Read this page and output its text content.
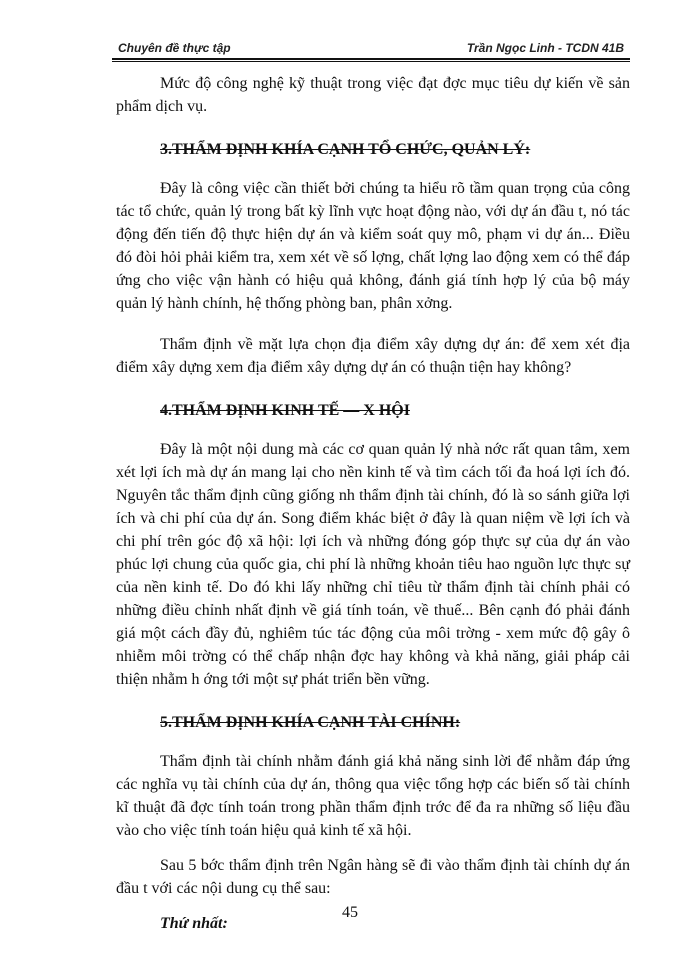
Chuyên đề thực tập	Trần Ngọc Linh - TCDN 41B

Mức độ công nghệ kỹ thuật trong việc đạt đợc mục tiêu dự kiến về sản phẩm dịch vụ.

3.THẨM ĐỊNH KHÍA CẠNH TỔ CHỨC, QUẢN LÝ:

Đây là công việc cần thiết bởi chúng ta hiểu rõ tầm quan trọng của công tác tổ chức, quản lý trong bất kỳ lĩnh vực hoạt động nào, với dự án đầu t, nó tác động đến tiến độ thực hiện dự án và kiểm soát quy mô, phạm vi dự án... Điều đó đòi hỏi phải kiểm tra, xem xét về số lợng, chất lợng lao động xem có thể đáp ứng cho việc vận hành có hiệu quả không, đánh giá tính hợp lý của bộ máy quản lý hành chính, hệ thống phòng ban, phân xởng.

Thẩm định về mặt lựa chọn địa điểm xây dựng dự án: để xem xét địa điểm xây dựng xem địa điểm xây dựng dự án có thuận tiện hay không?

4.THẨM ĐỊNH KINH TẾ — X HỘI

Đây là một nội dung mà các cơ quan quản lý nhà nớc rất quan tâm, xem xét lợi ích mà dự án mang lại cho nền kinh tế và tìm cách tối đa hoá lợi ích đó. Nguyên tắc thẩm định cũng giống nh thẩm định tài chính, đó là so sánh giữa lợi ích và chi phí của dự án. Song điểm khác biệt ở đây là quan niệm về lợi ích và chi phí trên góc độ xã hội: lợi ích và những đóng góp thực sự của dự án vào phúc lợi chung của quốc gia, chi phí là những khoản tiêu hao nguồn lực thực sự của nền kinh tế. Do đó khi lấy những chỉ tiêu từ thẩm định tài chính phải có những điều chỉnh nhất định về giá tính toán, về thuế... Bên cạnh đó phải đánh giá một cách đầy đủ, nghiêm túc tác động của môi trờng - xem mức độ gây ô nhiễm môi trờng có thể chấp nhận đợc hay không và khả năng, giải pháp cải thiện nhằm h ớng tới một sự phát triển bền vững.

5.THẨM ĐỊNH KHÍA CẠNH TÀI CHÍNH:

Thẩm định tài chính nhằm đánh giá khả năng sinh lời để nhằm đáp ứng các nghĩa vụ tài chính của dự án, thông qua việc tổng hợp các biến số tài chính kĩ thuật đã đợc tính toán trong phần thẩm định trớc để đa ra những số liệu đầu vào cho việc tính toán hiệu quả kinh tế xã hội.

Sau 5 bớc thẩm định trên Ngân hàng sẽ đi vào thẩm định tài chính dự án đầu t với các nội dung cụ thể sau:

Thứ nhất:

45
